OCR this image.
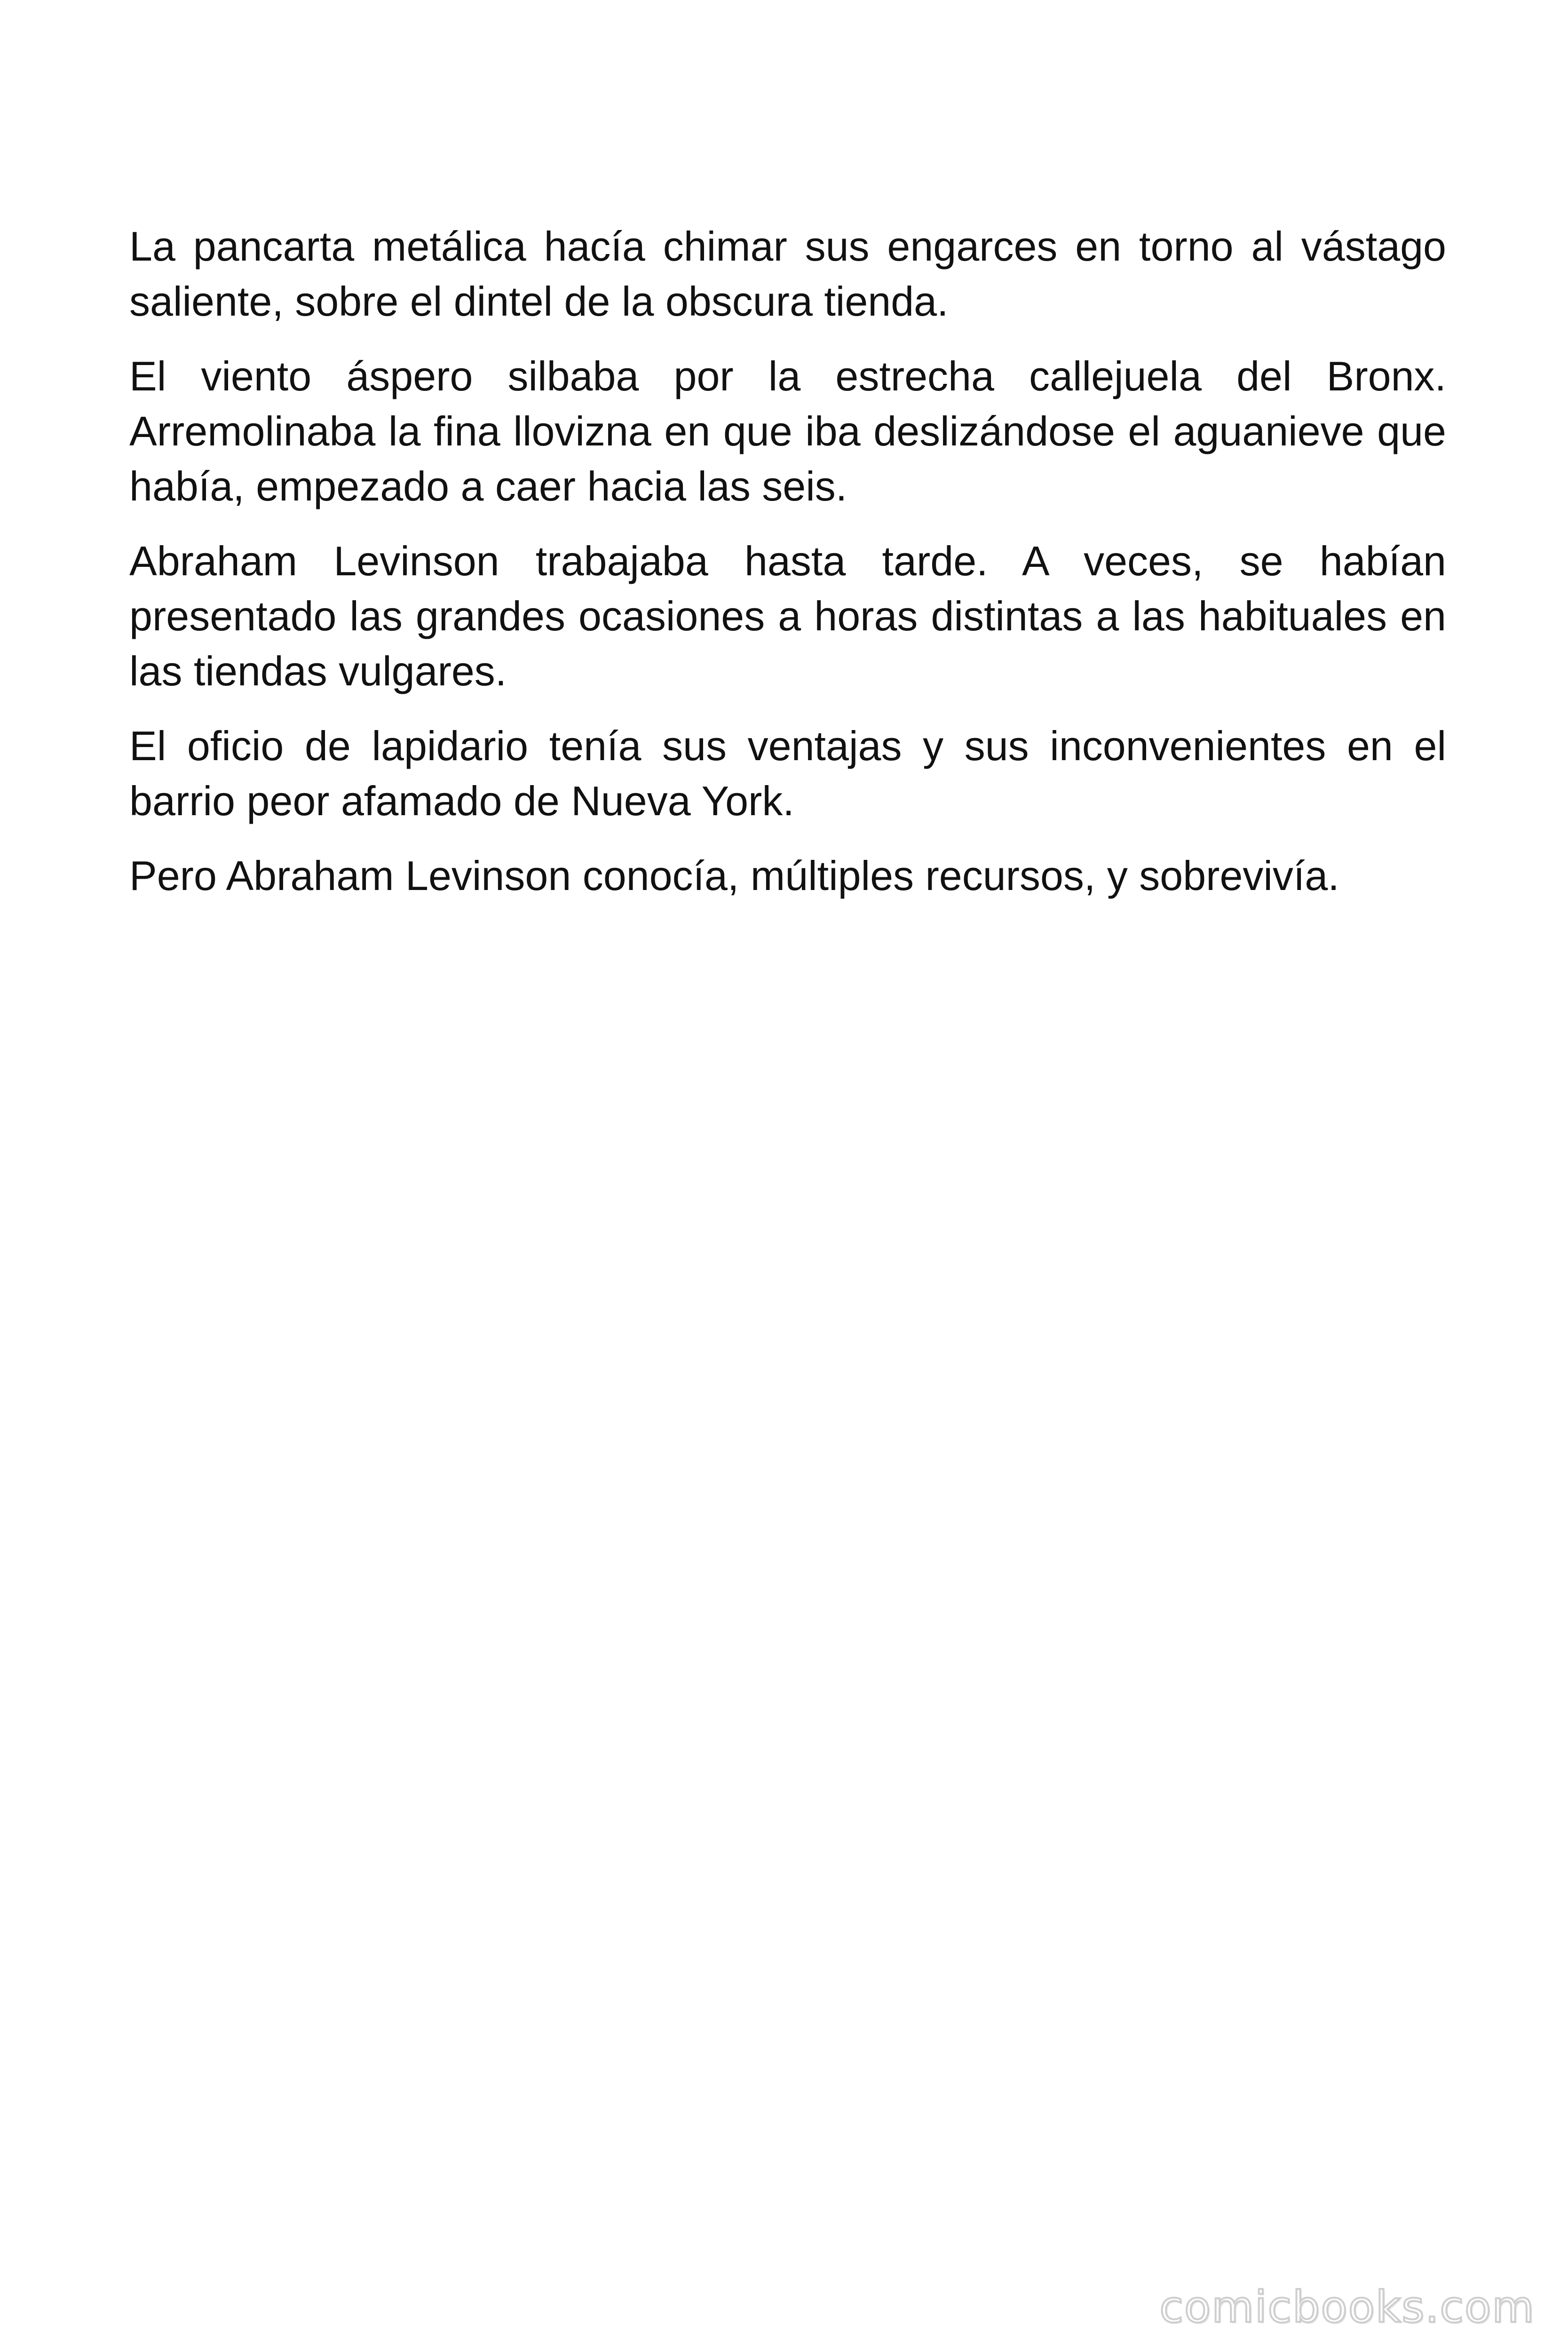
La pancarta metálica hacía chimar sus engarces en torno al vástago saliente, sobre el dintel de la obscura tienda.

El viento áspero silbaba por la estrecha callejuela del Bronx. Arremolinaba la fina llovizna en que iba deslizándose el aguanieve que había, empezado a caer hacia las seis.

Abraham Levinson trabajaba hasta tarde. A veces, se habían presentado las grandes ocasiones a horas distintas a las habituales en las tiendas vulgares.

El oficio de lapidario tenía sus ventajas y sus inconvenientes en el barrio peor afamado de Nueva York.

Pero Abraham Levinson conocía, múltiples recursos, y sobrevivía.

comicbooks.com
